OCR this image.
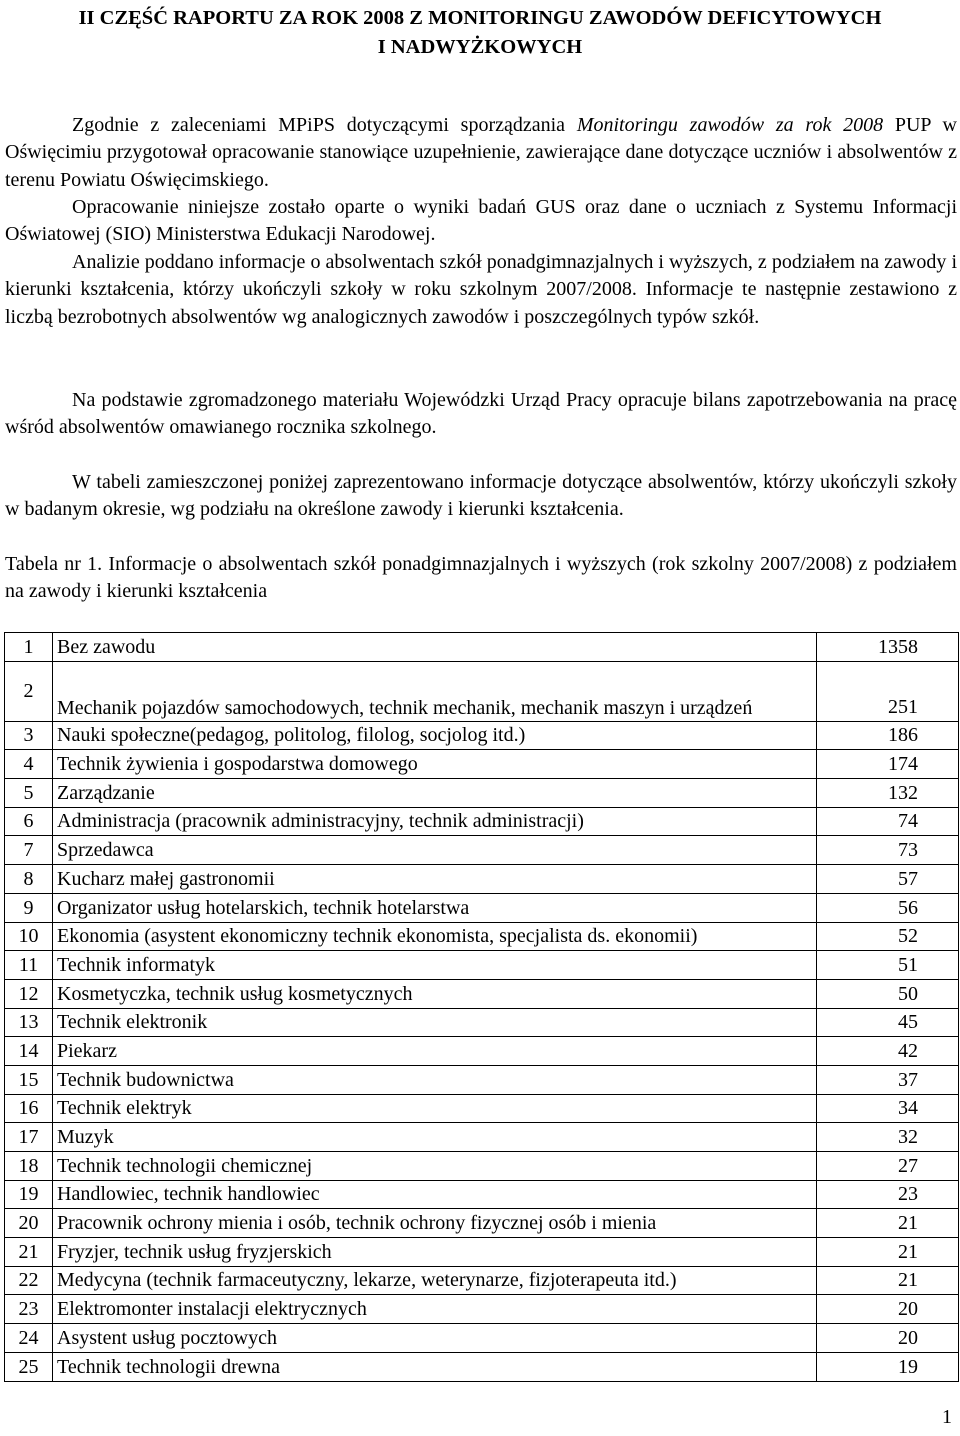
II CZĘŚĆ RAPORTU ZA ROK 2008 Z MONITORINGU ZAWODÓW DEFICYTOWYCH
I NADWYŻKOWYCH

Zgodnie z zaleceniami MPiPS dotyczącymi sporządzania Monitoringu zawodów za rok 2008 PUP w Oświęcimiu przygotował opracowanie stanowiące uzupełnienie, zawierające dane dotyczące uczniów i absolwentów z terenu Powiatu Oświęcimskiego.

Opracowanie niniejsze zostało oparte o wyniki badań GUS oraz dane o uczniach z Systemu Informacji Oświatowej (SIO) Ministerstwa Edukacji Narodowej.

Analizie poddano informacje o absolwentach szkół ponadgimnazjalnych i wyższych, z podziałem na zawody i kierunki kształcenia, którzy ukończyli szkoły w roku szkolnym 2007/2008. Informacje te następnie zestawiono z liczbą bezrobotnych absolwentów wg analogicznych zawodów i poszczególnych typów szkół.

Na podstawie zgromadzonego materiału Wojewódzki Urząd Pracy opracuje bilans zapotrzebowania na pracę wśród absolwentów omawianego rocznika szkolnego.

W tabeli zamieszczonej poniżej zaprezentowano informacje dotyczące absolwentów, którzy ukończyli szkoły w badanym okresie, wg podziału na określone zawody i kierunki kształcenia.

Tabela nr 1. Informacje o absolwentach szkół ponadgimnazjalnych i wyższych (rok szkolny 2007/2008) z podziałem na zawody i kierunki kształcenia

1	Bez zawodu	1358
2	Mechanik pojazdów samochodowych, technik mechanik, mechanik maszyn i urządzeń	251
3	Nauki społeczne(pedagog, politolog, filolog, socjolog itd.)	186
4	Technik żywienia i gospodarstwa domowego	174
5	Zarządzanie	132
6	Administracja (pracownik administracyjny, technik administracji)	74
7	Sprzedawca	73
8	Kucharz małej gastronomii	57
9	Organizator usług hotelarskich, technik hotelarstwa	56
10	Ekonomia (asystent ekonomiczny technik ekonomista, specjalista ds. ekonomii)	52
11	Technik informatyk	51
12	Kosmetyczka, technik usług kosmetycznych	50
13	Technik elektronik	45
14	Piekarz	42
15	Technik budownictwa	37
16	Technik elektryk	34
17	Muzyk	32
18	Technik technologii chemicznej	27
19	Handlowiec, technik handlowiec	23
20	Pracownik ochrony mienia i osób, technik ochrony fizycznej osób i mienia	21
21	Fryzjer, technik usług fryzjerskich	21
22	Medycyna (technik farmaceutyczny, lekarze, weterynarze, fizjoterapeuta itd.)	21
23	Elektromonter instalacji elektrycznych	20
24	Asystent usług pocztowych	20
25	Technik technologii drewna	19
1
